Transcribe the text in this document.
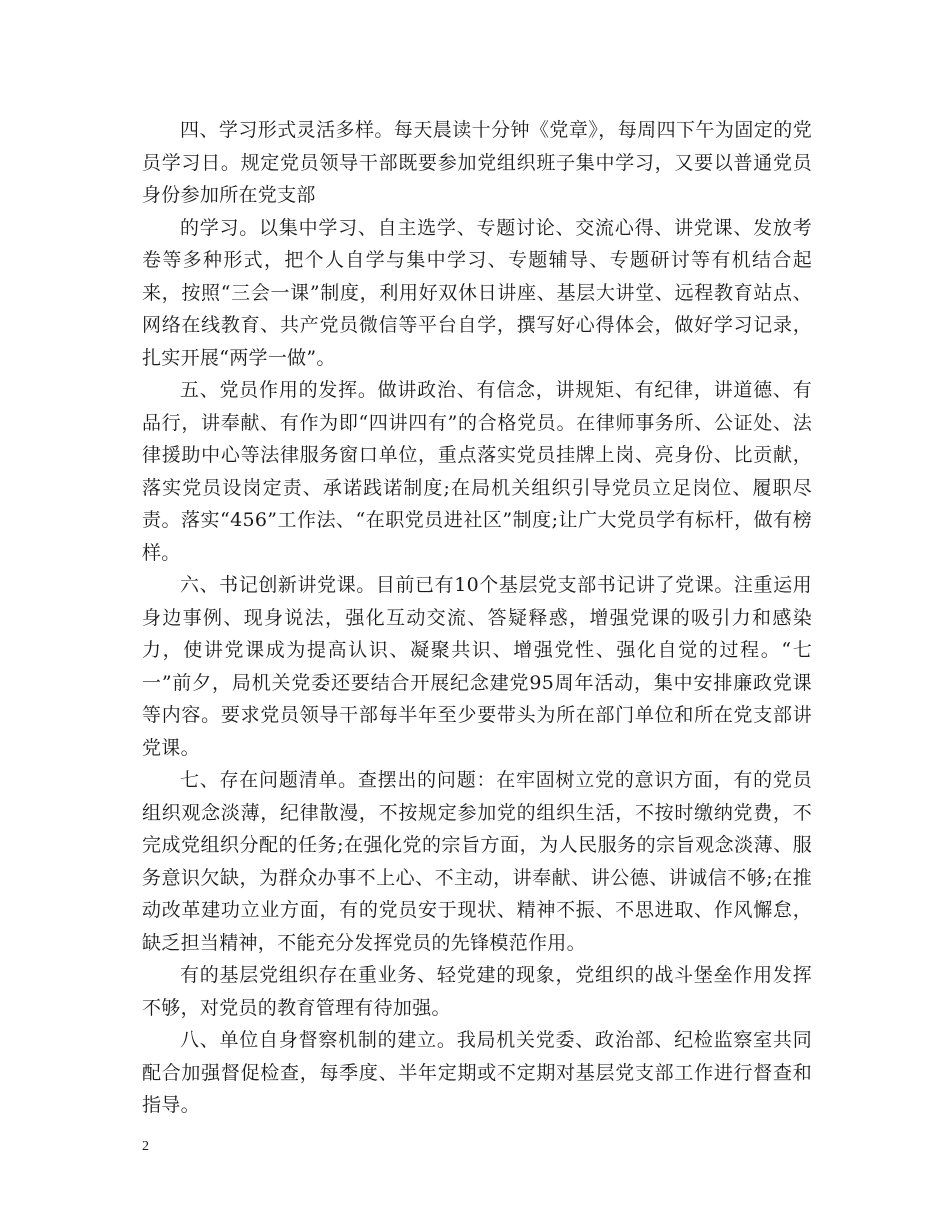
四、学习形式灵活多样。每天晨读十分钟《党章》，每周四下午为固定的党员学习日。规定党员领导干部既要参加党组织班子集中学习，又要以普通党员身份参加所在党支部

的学习。以集中学习、自主选学、专题讨论、交流心得、讲党课、发放考卷等多种形式，把个人自学与集中学习、专题辅导、专题研讨等有机结合起来，按照“三会一课”制度，利用好双休日讲座、基层大讲堂、远程教育站点、网络在线教育、共产党员微信等平台自学，撰写好心得体会，做好学习记录，扎实开展“两学一做”。

五、党员作用的发挥。做讲政治、有信念，讲规矩、有纪律，讲道德、有品行，讲奉献、有作为即“四讲四有”的合格党员。在律师事务所、公证处、法律援助中心等法律服务窗口单位，重点落实党员挂牌上岗、亮身份、比贡献，落实党员设岗定责、承诺践诺制度;在局机关组织引导党员立足岗位、履职尽责。落实“456”工作法、“在职党员进社区”制度;让广大党员学有标杆，做有榜样。

六、书记创新讲党课。目前已有10个基层党支部书记讲了党课。注重运用身边事例、现身说法，强化互动交流、答疑释惑，增强党课的吸引力和感染力，使讲党课成为提高认识、凝聚共识、增强党性、强化自觉的过程。“七一”前夕，局机关党委还要结合开展纪念建党95周年活动，集中安排廉政党课等内容。要求党员领导干部每半年至少要带头为所在部门单位和所在党支部讲党课。

七、存在问题清单。查摆出的问题：在牢固树立党的意识方面，有的党员组织观念淡薄，纪律散漫，不按规定参加党的组织生活，不按时缴纳党费，不完成党组织分配的任务;在强化党的宗旨方面，为人民服务的宗旨观念淡薄、服务意识欠缺，为群众办事不上心、不主动，讲奉献、讲公德、讲诚信不够;在推动改革建功立业方面，有的党员安于现状、精神不振、不思进取、作风懈怠，缺乏担当精神，不能充分发挥党员的先锋模范作用。

有的基层党组织存在重业务、轻党建的现象，党组织的战斗堡垒作用发挥不够，对党员的教育管理有待加强。

八、单位自身督察机制的建立。我局机关党委、政治部、纪检监察室共同配合加强督促检查，每季度、半年定期或不定期对基层党支部工作进行督查和指导。

2
